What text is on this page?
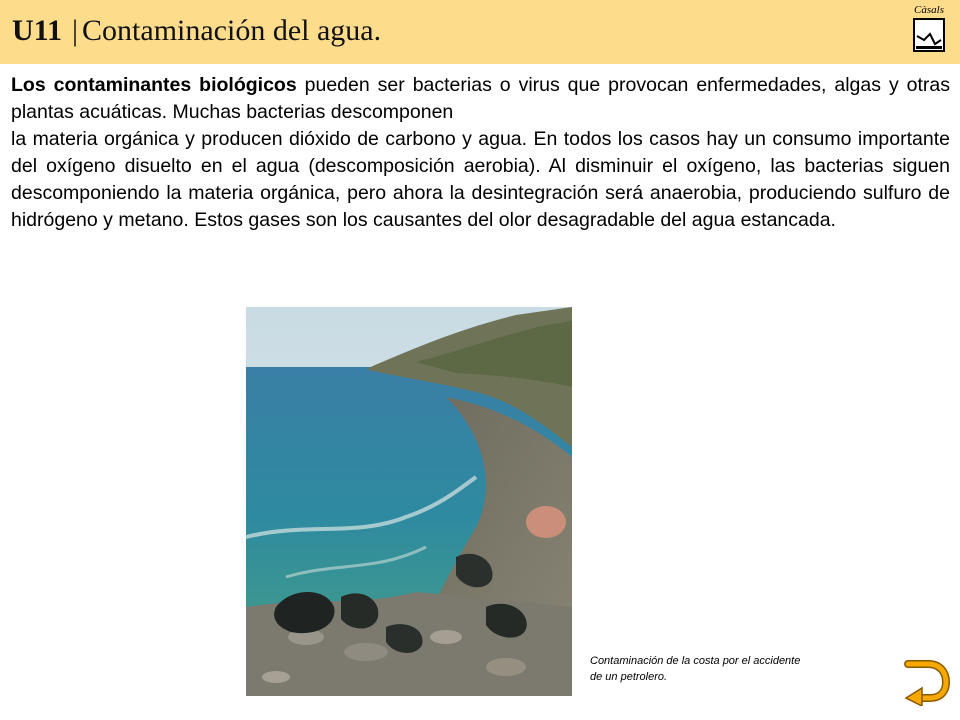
U11 | Contaminación del agua.
Càsals

Los contaminantes biológicos pueden ser bacterias o virus que provocan enfermedades, algas y otras plantas acuáticas. Muchas bacterias descomponen

la materia orgánica y producen dióxido de carbono y agua. En todos los casos hay un consumo importante del oxígeno disuelto en el agua (descomposición aerobia). Al disminuir el oxígeno, las bacterias siguen descomponiendo la materia orgánica, pero ahora la desintegración será anaerobia, produciendo sulfuro de hidrógeno y metano. Estos gases son los causantes del olor desagradable del agua estancada.

Contaminación de la costa por el accidente de un petrolero.
